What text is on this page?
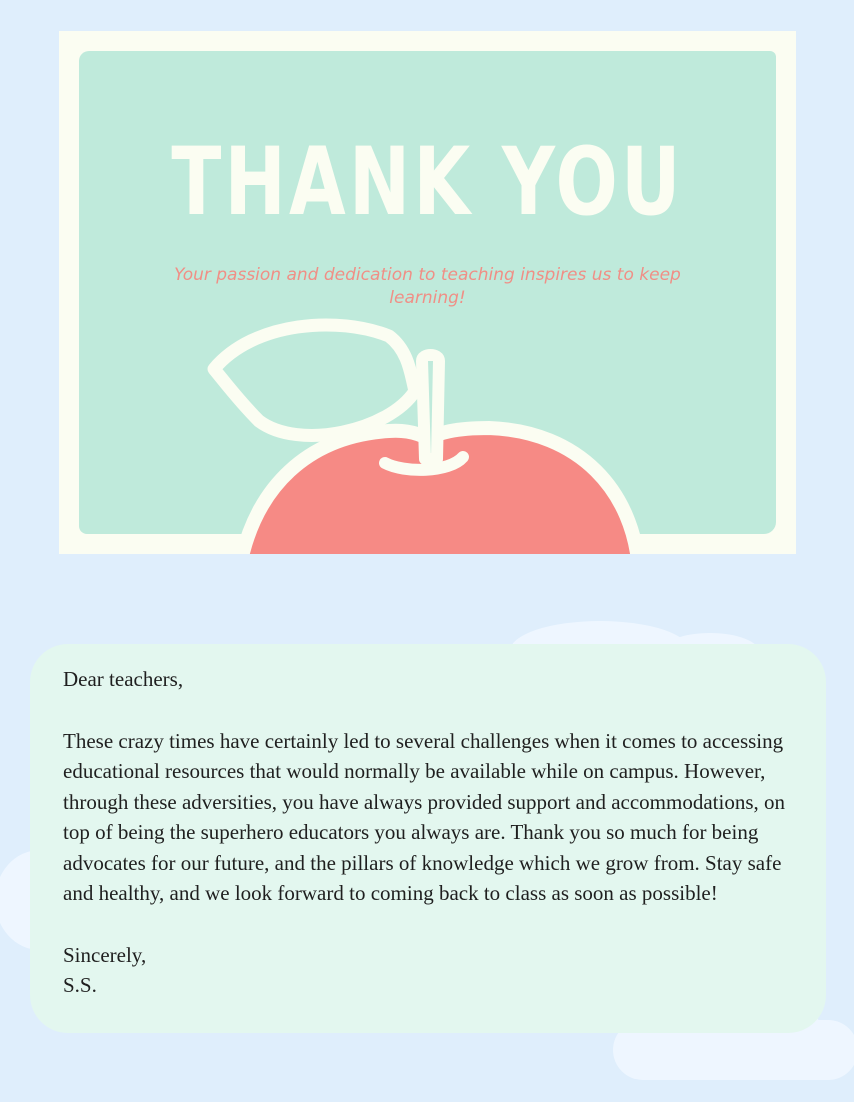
THANK YOU
Your passion and dedication to teaching inspires us to keep learning!

Dear teachers,

These crazy times have certainly led to several challenges when it comes to accessing educational resources that would normally be available while on campus. However, through these adversities, you have always provided support and accommodations, on top of being the superhero educators you always are. Thank you so much for being advocates for our future, and the pillars of knowledge which we grow from. Stay safe and healthy, and we look forward to coming back to class as soon as possible!

Sincerely,

S.S.
